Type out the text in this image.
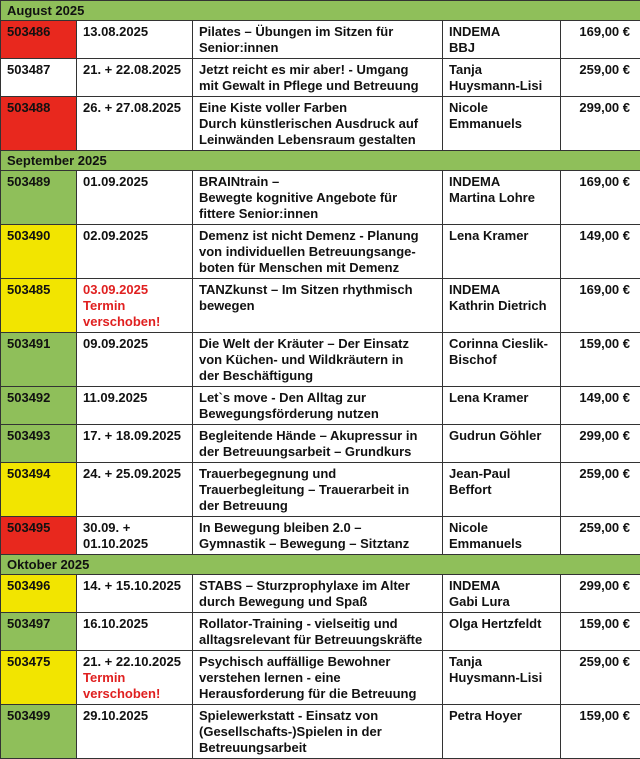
August 2025				
503486	13.08.2025	Pilates – Übungen im Sitzen für
Senior:innen	INDEMA
BBJ	169,00 €
503487	21. + 22.08.2025	Jetzt reicht es mir aber! - Umgang
mit Gewalt in Pflege und Betreuung	Tanja
Huysmann-Lisi	259,00 €
503488	26. + 27.08.2025	Eine Kiste voller Farben
Durch künstlerischen Ausdruck auf
Leinwänden Lebensraum gestalten	Nicole
Emmanuels	299,00 €
September 2025				
503489	01.09.2025	BRAINtrain –
Bewegte kognitive Angebote für
fittere Senior:innen	INDEMA
Martina Lohre	169,00 €
503490	02.09.2025	Demenz ist nicht Demenz - Planung
von individuellen Betreuungsange-
boten für Menschen mit Demenz	Lena Kramer	149,00 €
503485	03.09.2025
Termin
verschoben!	TANZkunst – Im Sitzen rhythmisch
bewegen	INDEMA
Kathrin Dietrich	169,00 €
503491	09.09.2025	Die Welt der Kräuter – Der Einsatz
von Küchen- und Wildkräutern in
der Beschäftigung	Corinna Cieslik-
Bischof	159,00 €
503492	11.09.2025	Let`s move - Den Alltag zur
Bewegungsförderung nutzen	Lena Kramer	149,00 €
503493	17. + 18.09.2025	Begleitende Hände – Akupressur in
der Betreuungsarbeit – Grundkurs	Gudrun Göhler	299,00 €
503494	24. + 25.09.2025	Trauerbegegnung und
Trauerbegleitung – Trauerarbeit in
der Betreuung	Jean-Paul
Beffort	259,00 €
503495	30.09. +
01.10.2025	In Bewegung bleiben 2.0 –
Gymnastik – Bewegung – Sitztanz	Nicole
Emmanuels	259,00 €
Oktober 2025				
503496	14. + 15.10.2025	STABS – Sturzprophylaxe im Alter
durch Bewegung und Spaß	INDEMA
Gabi Lura	299,00 €
503497	16.10.2025	Rollator-Training - vielseitig und
alltagsrelevant für Betreuungskräfte	Olga Hertzfeldt	159,00 €
503475	21. + 22.10.2025
Termin
verschoben!	Psychisch auffällige Bewohner
verstehen lernen - eine
Herausforderung für die Betreuung	Tanja
Huysmann-Lisi	259,00 €
503499	29.10.2025	Spielewerkstatt - Einsatz von
(Gesellschafts-)Spielen in der
Betreuungsarbeit	Petra Hoyer	159,00 €
